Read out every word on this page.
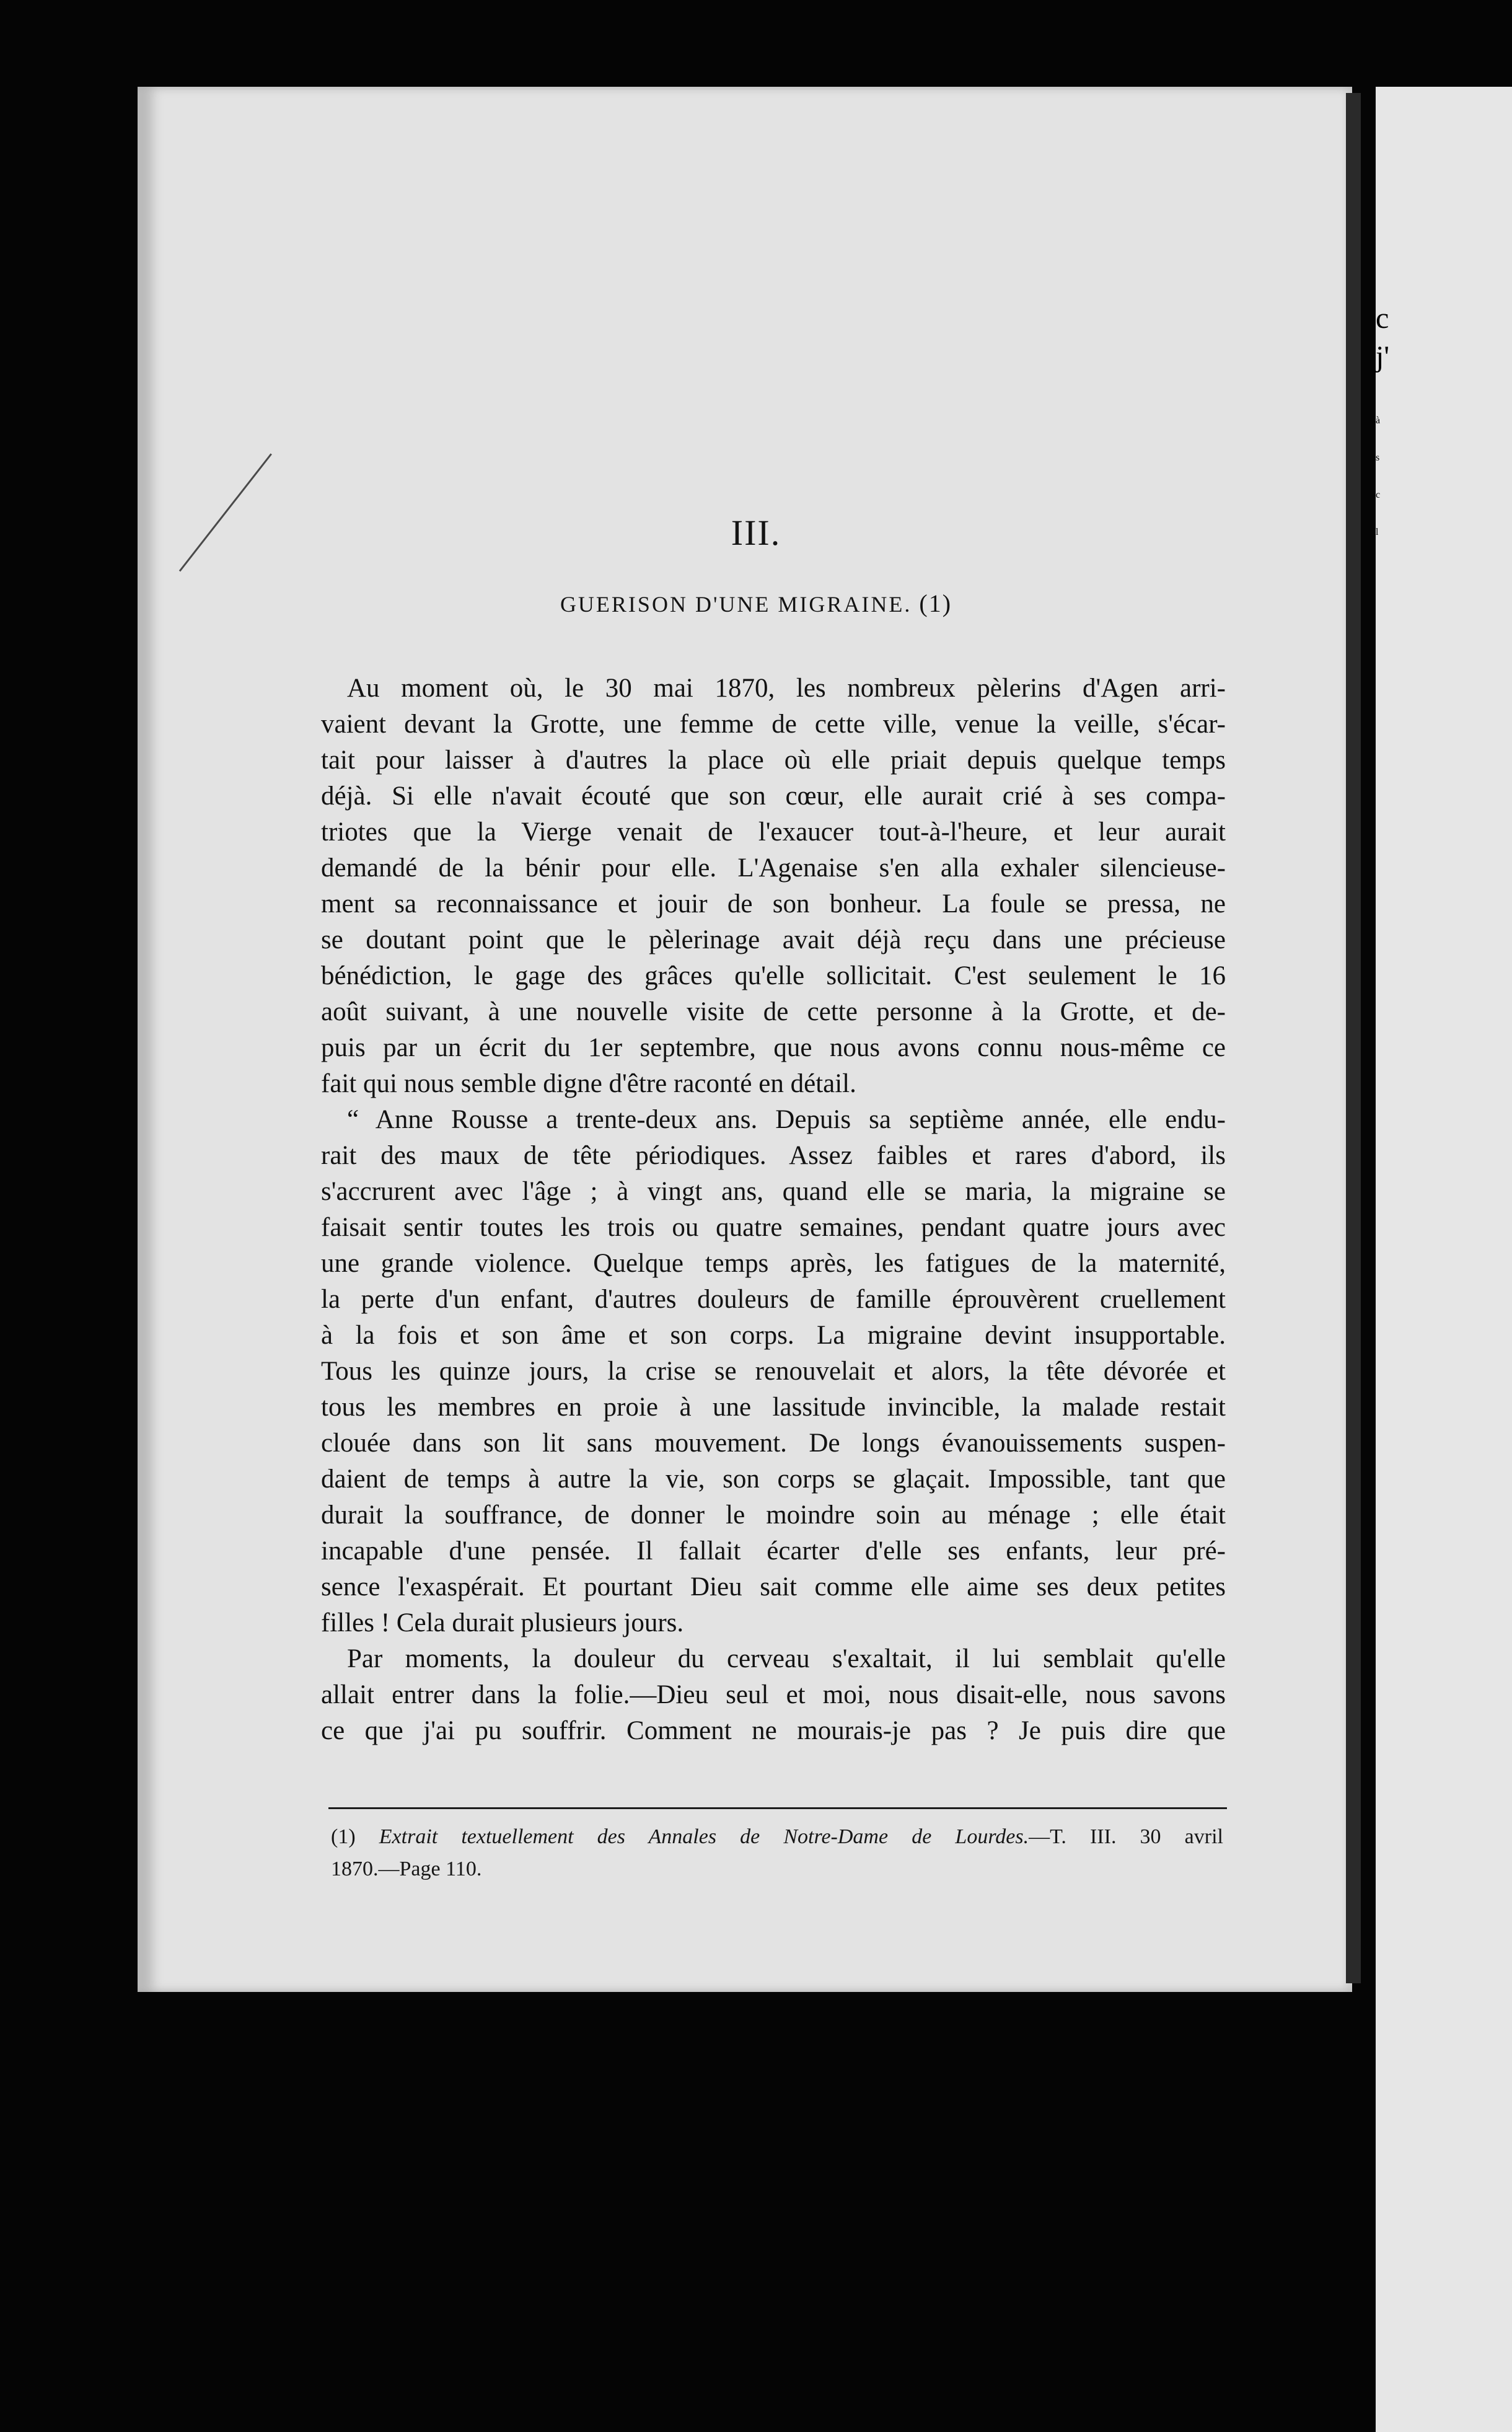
c
j'
à
s
c
l
III.
GUERISON D'UNE MIGRAINE. (1)
Au moment où, le 30 mai 1870, les nombreux pèlerins d'Agen arri-
vaient devant la Grotte, une femme de cette ville, venue la veille, s'écar-
tait pour laisser à d'autres la place où elle priait depuis quelque temps
déjà. Si elle n'avait écouté que son cœur, elle aurait crié à ses compa-
triotes que la Vierge venait de l'exaucer tout-à-l'heure, et leur aurait
demandé de la bénir pour elle. L'Agenaise s'en alla exhaler silencieuse-
ment sa reconnaissance et jouir de son bonheur. La foule se pressa, ne
se doutant point que le pèlerinage avait déjà reçu dans une précieuse
bénédiction, le gage des grâces qu'elle sollicitait. C'est seulement le 16
août suivant, à une nouvelle visite de cette personne à la Grotte, et de-
puis par un écrit du 1er septembre, que nous avons connu nous-même ce
fait qui nous semble digne d'être raconté en détail.
“ Anne Rousse a trente-deux ans. Depuis sa septième année, elle endu-
rait des maux de tête périodiques. Assez faibles et rares d'abord, ils
s'accrurent avec l'âge ; à vingt ans, quand elle se maria, la migraine se
faisait sentir toutes les trois ou quatre semaines, pendant quatre jours avec
une grande violence. Quelque temps après, les fatigues de la maternité,
la perte d'un enfant, d'autres douleurs de famille éprouvèrent cruellement
à la fois et son âme et son corps. La migraine devint insupportable.
Tous les quinze jours, la crise se renouvelait et alors, la tête dévorée et
tous les membres en proie à une lassitude invincible, la malade restait
clouée dans son lit sans mouvement. De longs évanouissements suspen-
daient de temps à autre la vie, son corps se glaçait. Impossible, tant que
durait la souffrance, de donner le moindre soin au ménage ; elle était
incapable d'une pensée. Il fallait écarter d'elle ses enfants, leur pré-
sence l'exaspérait. Et pourtant Dieu sait comme elle aime ses deux petites
filles ! Cela durait plusieurs jours.
Par moments, la douleur du cerveau s'exaltait, il lui semblait qu'elle
allait entrer dans la folie.—Dieu seul et moi, nous disait-elle, nous savons
ce que j'ai pu souffrir. Comment ne mourais-je pas ? Je puis dire que
(1) Extrait textuellement des Annales de Notre-Dame de Lourdes.—T. III. 30 avril
1870.—Page 110.
